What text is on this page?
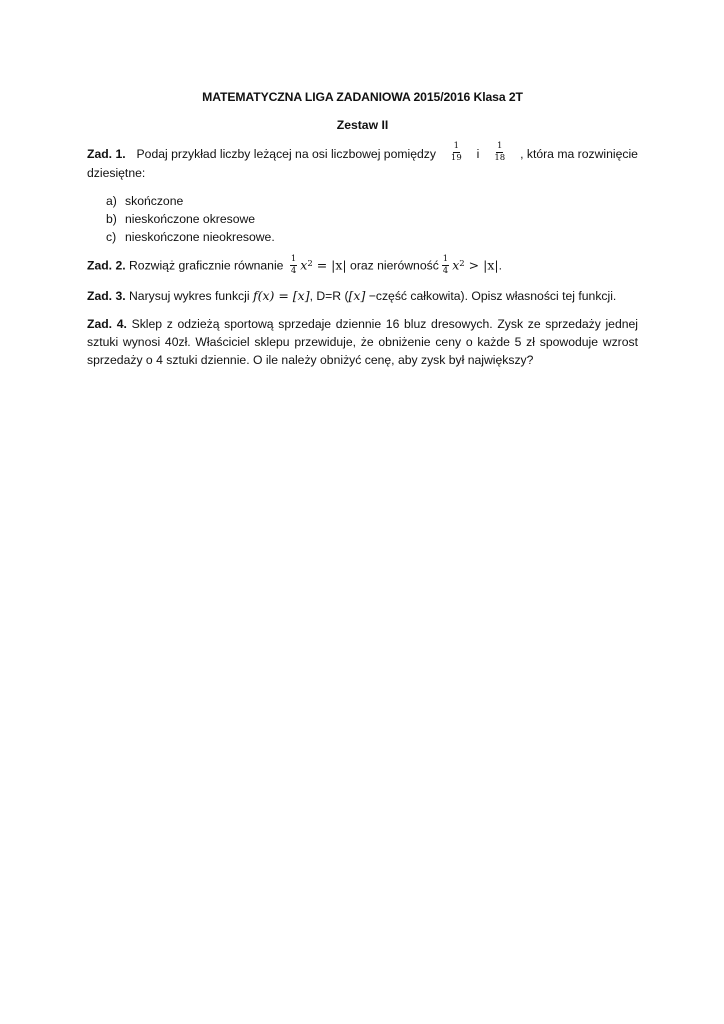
MATEMATYCZNA LIGA ZADANIOWA 2015/2016 Klasa 2T
Zestaw II
Zad. 1. Podaj przykład liczby leżącej na osi liczbowej pomiędzy $\frac{1}{19}$ i $\frac{1}{18}$ , która ma rozwinięcie
dziesiętne:
a) skończone
b) nieskończone okresowe
c) nieskończone nieokresowe.
Zad. 2. Rozwiąż graficznie równanie $\frac{1}{4} x^2 = |x|$ oraz nierówność $\frac{1}{4} x^2 > |x|$.
Zad. 3. Narysuj wykres funkcji f(x) = [x], D=R ([x] −część całkowita). Opisz własności tej funkcji.
Zad. 4. Sklep z odzieżą sportową sprzedaje dziennie 16 bluz dresowych. Zysk ze sprzedaży jednej sztuki wynosi 40zł. Właściciel sklepu przewiduje, że obniżenie ceny o każde 5 zł spowoduje wzrost sprzedaży o 4 sztuki dziennie. O ile należy obniżyć cenę, aby zysk był największy?
